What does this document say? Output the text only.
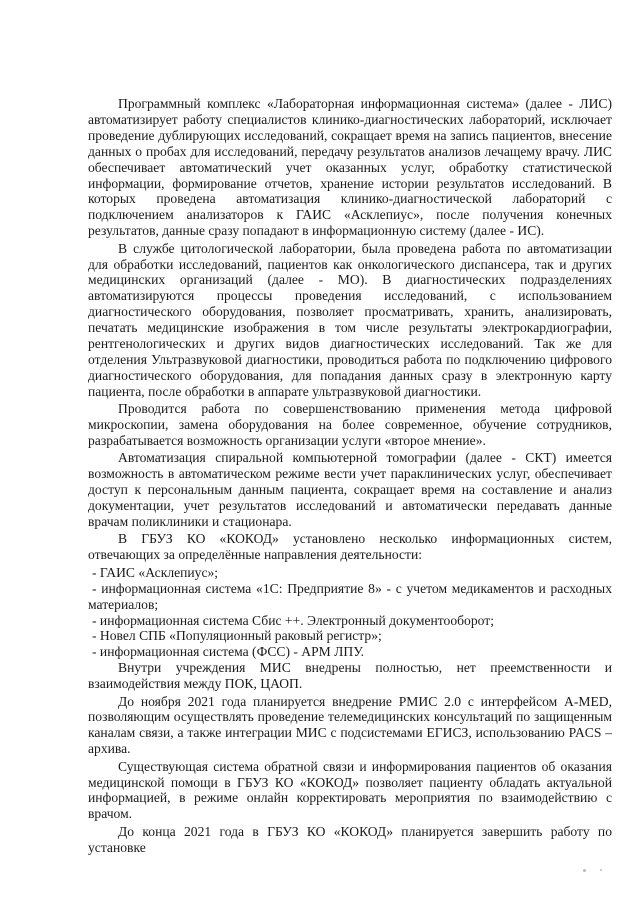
Программный комплекс «Лабораторная информационная система» (далее - ЛИС) автоматизирует работу специалистов клинико-диагностических лабораторий, исключает проведение дублирующих исследований, сокращает время на запись пациентов, внесение данных о пробах для исследований, передачу результатов анализов лечащему врачу. ЛИС обеспечивает автоматический учет оказанных услуг, обработку статистической информации, формирование отчетов, хранение истории результатов исследований. В которых проведена автоматизация клинико-диагностической лабораторий с подключением анализаторов к ГАИС «Асклепиус», после получения конечных результатов, данные сразу попадают в информационную систему (далее - ИС).

В службе цитологической лаборатории, была проведена работа по автоматизации для обработки исследований, пациентов как онкологического диспансера, так и других медицинских организаций (далее - МО). В диагностических подразделениях автоматизируются процессы проведения исследований, с использованием диагностического оборудования, позволяет просматривать, хранить, анализировать, печатать медицинские изображения в том числе результаты электрокардиографии, рентгенологических и других видов диагностических исследований. Так же для отделения Ультразвуковой диагностики, проводиться работа по подключению цифрового диагностического оборудования, для попадания данных сразу в электронную карту пациента, после обработки в аппарате ультразвуковой диагностики.

Проводится работа по совершенствованию применения метода цифровой микроскопии, замена оборудования на более современное, обучение сотрудников, разрабатывается возможность организации услуги «второе мнение».

Автоматизация спиральной компьютерной томографии (далее - СКТ) имеется возможность в автоматическом режиме вести учет параклинических услуг, обеспечивает доступ к персональным данным пациента, сокращает время на составление и анализ документации, учет результатов исследований и автоматически передавать данные врачам поликлиники и стационара.

В ГБУЗ КО «КОКОД» установлено несколько информационных систем, отвечающих за определённые направления деятельности:

- ГАИС «Асклепиус»;
- информационная система «1С: Предприятие 8» - с учетом медикаментов и расходных материалов;
- информационная система Сбис ++. Электронный документооборот;
- Новел СПБ «Популяционный раковый регистр»;
- информационная система (ФСС) - АРМ ЛПУ.

Внутри учреждения МИС внедрены полностью, нет преемственности и взаимодействия между ПОК, ЦАОП.

До ноября 2021 года планируется внедрение РМИС 2.0 с интерфейсом A-MED, позволяющим осуществлять проведение телемедицинских консультаций по защищенным каналам связи, а также интеграции МИС с подсистемами ЕГИСЗ, использованию PACS – архива.

Существующая система обратной связи и информирования пациентов об оказания медицинской помощи в ГБУЗ КО «КОКОД» позволяет пациенту обладать актуальной информацией, в режиме онлайн корректировать мероприятия по взаимодействию с врачом.

До конца 2021 года в ГБУЗ КО «КОКОД» планируется завершить работу по установке
